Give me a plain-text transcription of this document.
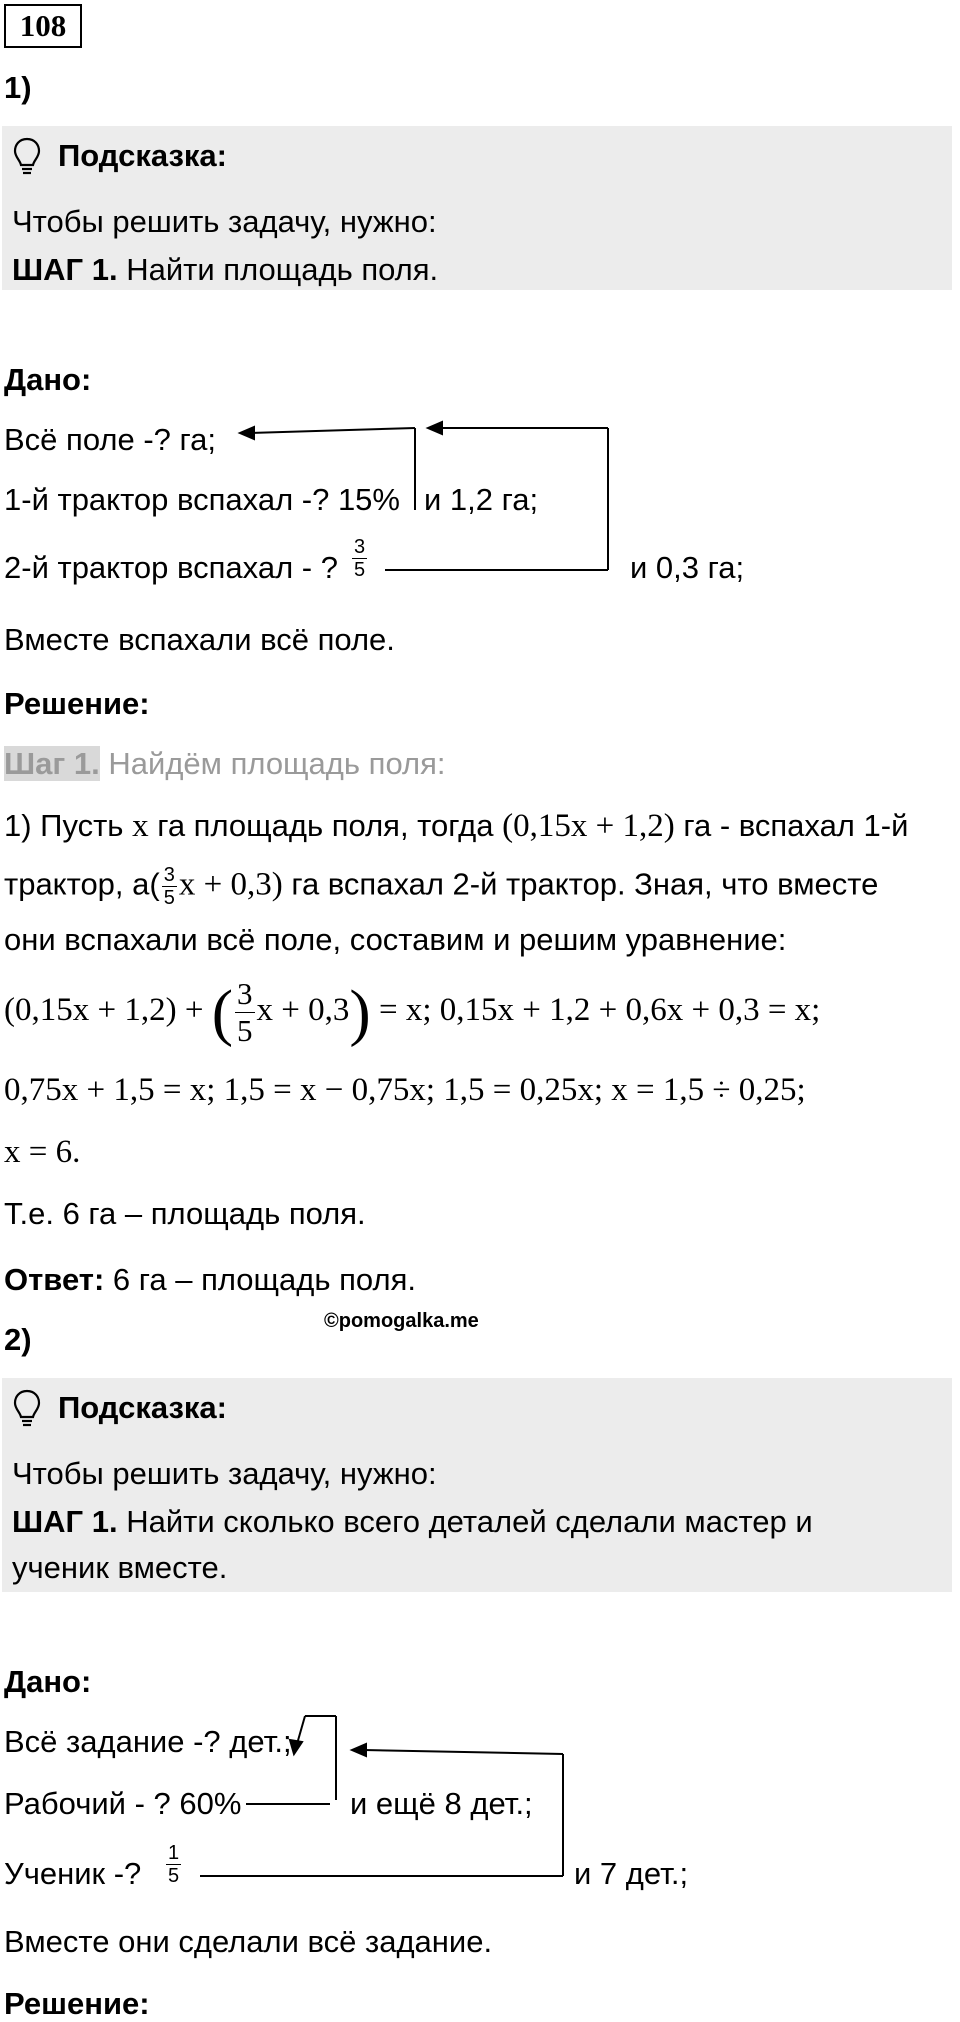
108
1)
Подсказка:
Чтобы решить задачу, нужно:
ШАГ 1. Найти площадь поля.
Дано:
Всё поле -? га;
1-й трактор вспахал -? 15% и 1,2 га;
2-й трактор вспахал - ? $\frac{3}{5}$	и 0,3 га;
Вместе вспахали всё поле.
Решение:
Шаг 1. Найдём площадь поля:
1) Пусть x га площадь поля, тогда (0,15x + 1,2) га - вспахал 1-й
трактор, $а( \frac{3}{5}$ x + 0,3) га вспахал 2-й трактор. Зная, что вместе
они вспахали всё поле, составим и решим уравнение:
(0,15x + 1,2) + ( $\frac{3}{5}$ x + 0,3) = x; 0,15x + 1,2 + 0,6x + 0,3 = x;
0,75x + 1,5 = x; 1,5 = x − 0,75x; 1,5 = 0,25x; x = 1,5 ÷ 0,25;
x = 6.
Т.е. 6 га – площадь поля.
Ответ: 6 га – площадь поля.
©pomogalka.me
2)
Подсказка:
Чтобы решить задачу, нужно:
ШАГ 1. Найти сколько всего деталей сделали мастер и
ученик вместе.
Дано:
Всё задание -? дет.;
Рабочий - ? 60%	и ещё 8 дет.;
Ученик -? $\frac{1}{5}$	и 7 дет.;
Вместе они сделали всё задание.
Решение:
